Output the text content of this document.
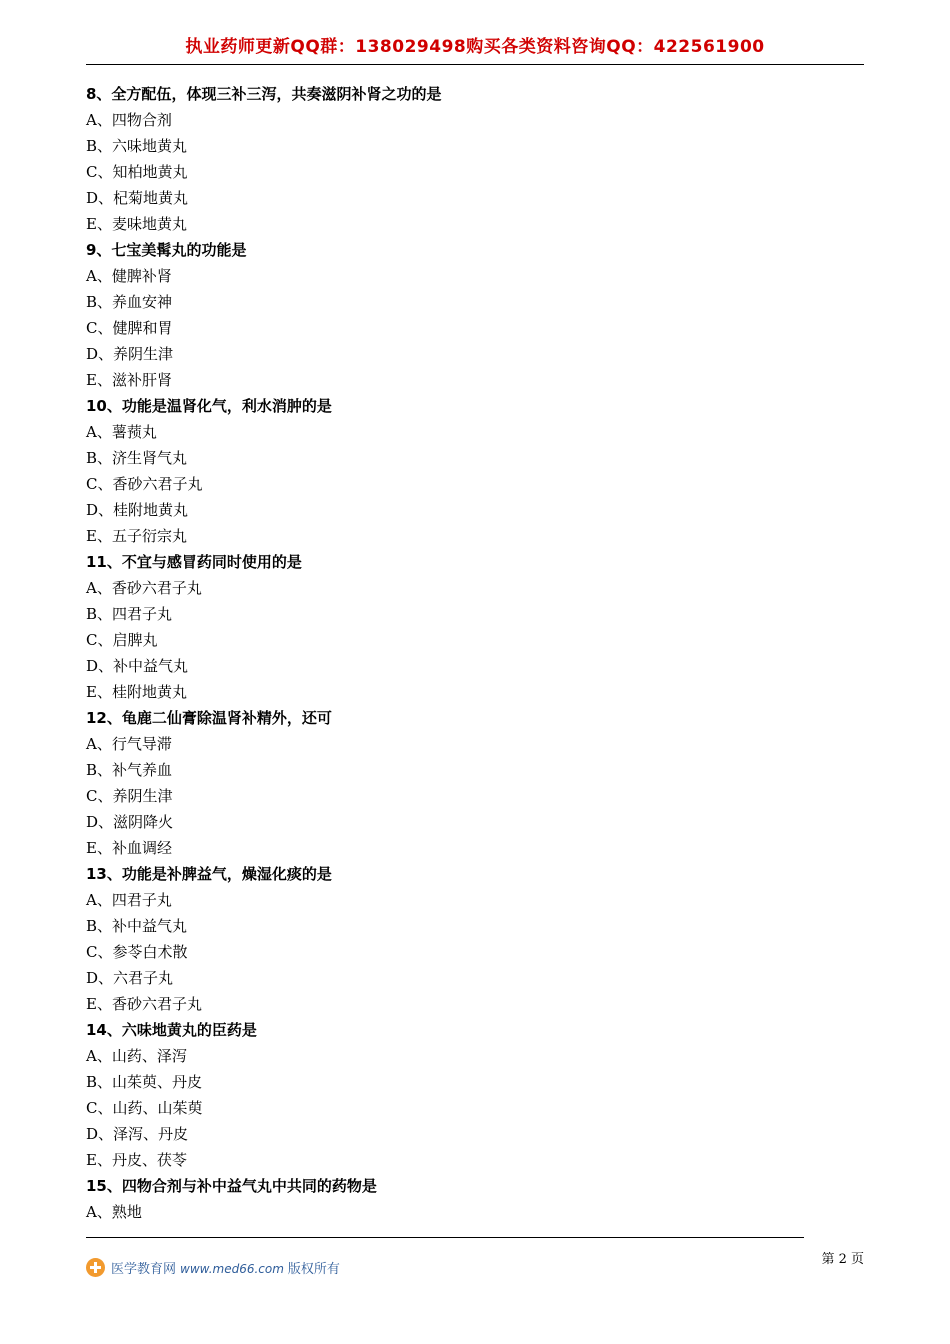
执业药师更新QQ群：138029498购买各类资料咨询QQ：422561900
8、全方配伍，体现三补三泻，共奏滋阴补肾之功的是
A、四物合剂
B、六味地黄丸
C、知柏地黄丸
D、杞菊地黄丸
E、麦味地黄丸
9、七宝美髯丸的功能是
A、健脾补肾
B、养血安神
C、健脾和胃
D、养阴生津
E、滋补肝肾
10、功能是温肾化气，利水消肿的是
A、薯蓣丸
B、济生肾气丸
C、香砂六君子丸
D、桂附地黄丸
E、五子衍宗丸
11、不宜与感冒药同时使用的是
A、香砂六君子丸
B、四君子丸
C、启脾丸
D、补中益气丸
E、桂附地黄丸
12、龟鹿二仙膏除温肾补精外，还可
A、行气导滞
B、补气养血
C、养阴生津
D、滋阴降火
E、补血调经
13、功能是补脾益气，燥湿化痰的是
A、四君子丸
B、补中益气丸
C、参苓白术散
D、六君子丸
E、香砂六君子丸
14、六味地黄丸的臣药是
A、山药、泽泻
B、山茱萸、丹皮
C、山药、山茱萸
D、泽泻、丹皮
E、丹皮、茯苓
15、四物合剂与补中益气丸中共同的药物是
A、熟地
医学教育网 www.med66.com 版权所有
第 2 页
